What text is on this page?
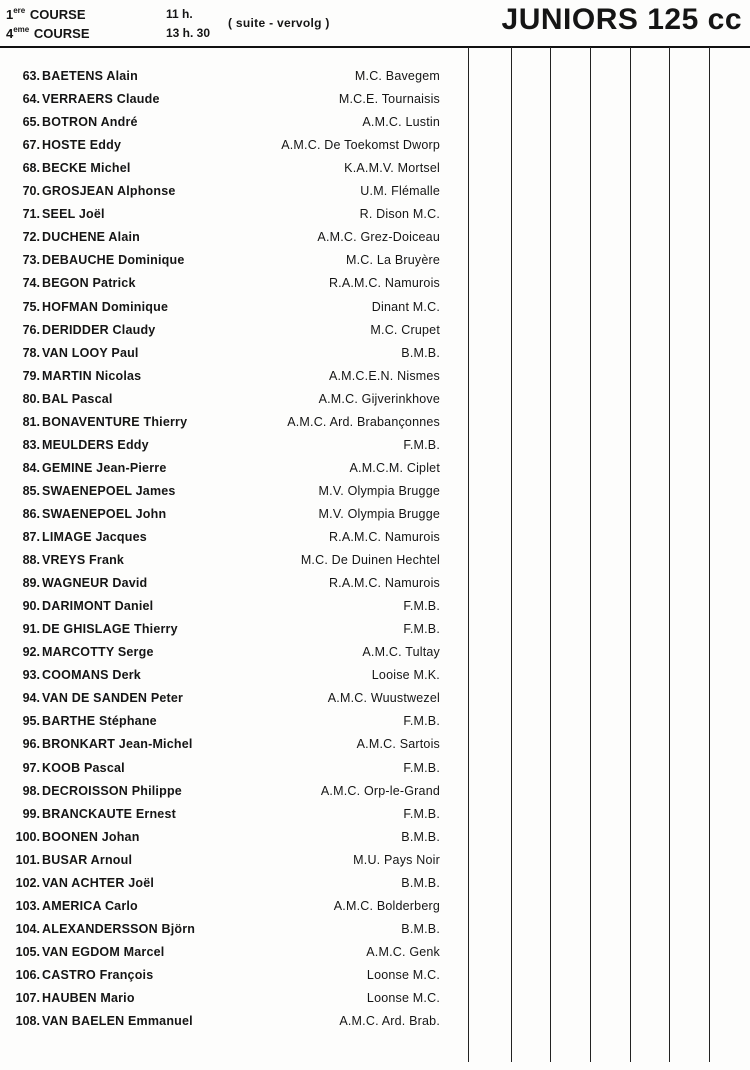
1ere COURSE
4eme COURSE
11 h.
13 h. 30
( suite - vervolg )	JUNIORS 125 cc
63. BAETENS Alain	M.C. Bavegem
64. VERRAERS Claude	M.C.E. Tournaisis
65. BOTRON André	A.M.C. Lustin
67. HOSTE Eddy	A.M.C. De Toekomst Dworp
68. BECKE Michel	K.A.M.V. Mortsel
70. GROSJEAN Alphonse	U.M. Flémalle
71. SEEL Joël	R. Dison M.C.
72. DUCHENE Alain	A.M.C. Grez-Doiceau
73. DEBAUCHE Dominique	M.C. La Bruyère
74. BEGON Patrick	R.A.M.C. Namurois
75. HOFMAN Dominique	Dinant M.C.
76. DERIDDER Claudy	M.C. Crupet
78. VAN LOOY Paul	B.M.B.
79. MARTIN Nicolas	A.M.C.E.N. Nismes
80. BAL Pascal	A.M.C. Gijverinkhove
81. BONAVENTURE Thierry	A.M.C. Ard. Brabançonnes
83. MEULDERS Eddy	F.M.B.
84. GEMINE Jean-Pierre	A.M.C.M. Ciplet
85. SWAENEPOEL James	M.V. Olympia Brugge
86. SWAENEPOEL John	M.V. Olympia Brugge
87. LIMAGE Jacques	R.A.M.C. Namurois
88. VREYS Frank	M.C. De Duinen Hechtel
89. WAGNEUR David	R.A.M.C. Namurois
90. DARIMONT Daniel	F.M.B.
91. DE GHISLAGE Thierry	F.M.B.
92. MARCOTTY Serge	A.M.C. Tultay
93. COOMANS Derk	Looise M.K.
94. VAN DE SANDEN Peter	A.M.C. Wuustwezel
95. BARTHE Stéphane	F.M.B.
96. BRONKART Jean-Michel	A.M.C. Sartois
97. KOOB Pascal	F.M.B.
98. DECROISSON Philippe	A.M.C. Orp-le-Grand
99. BRANCKAUTE Ernest	F.M.B.
100. BOONEN Johan	B.M.B.
101. BUSAR Arnoul	M.U. Pays Noir
102. VAN ACHTER Joël	B.M.B.
103. AMERICA Carlo	A.M.C. Bolderberg
104. ALEXANDERSSON Björn	B.M.B.
105. VAN EGDOM Marcel	A.M.C. Genk
106. CASTRO François	Loonse M.C.
107. HAUBEN Mario	Loonse M.C.
108. VAN BAELEN Emmanuel	A.M.C. Ard. Brab.
